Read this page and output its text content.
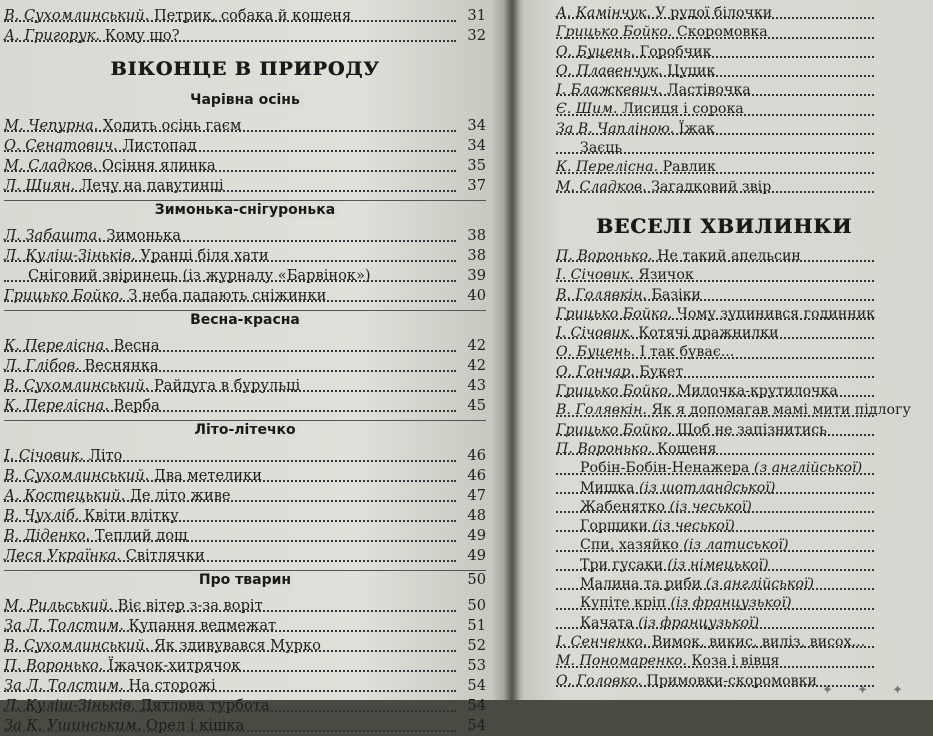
В. Сухомлинський. Петрик, собака й кошеня	31
А. Григорук. Кому що?	32
ВІКОНЦЕ В ПРИРОДУ
Чарівна осінь
М. Чепурна. Ходить осінь гаєм	34
О. Сенатович. Листопад	34
М. Сладков. Осіння ялинка	35
Л. Шиян. Лечу на павутинці	37
Зимонька-снігуронька
Л. Забашта. Зимонька	38
Л. Куліш-Зіньків. Уранці біля хати	38
Сніговий звіринець (із журналу «Барвінок»)	39
Грицько Бойко. З неба падають сніжинки	40
Весна-красна
К. Перелісна. Весна	42
Л. Глібов. Веснянка	42
В. Сухомлинський. Райдуга в бурульці	43
К. Перелісна. Верба	45
Літо-літечко
І. Січовик. Літо	46
В. Сухомлинський. Два метелики	46
А. Костецький. Де літо живе	47
В. Чухліб. Квіти влітку	48
В. Діденко. Теплий дощ	49
Леся Українка. Світлячки	49
Про тварин	50
М. Рильський. Віє вітер з-за воріт	50
За Л. Толстим. Купання ведмежат	51
В. Сухомлинський. Як здивувався Мурко	52
П. Воронько. Їжачок-хитрячок	53
За Л. Толстим. На сторожі	54
Л. Куліш-Зіньків. Дятлова турбота	54
За К. Ушинським. Орел і кішка	54
А. Камінчук. У рудої білочки
Грицько Бойко. Скоромовка
О. Буцень. Горобчик
О. Плавенчук. Цуцик
І. Блажкевич. Ластівочка
Є. Шим. Лисиця і сорока
За В. Чапліною. Їжак
Заєць
К. Перелісна. Равлик
М. Сладков. Загадковий звір
ВЕСЕЛІ ХВИЛИНКИ
П. Воронько. Не такий апельсин
І. Січовик. Язичок
В. Голявкін. Базіки
Грицько Бойко. Чому зупинився годинник
І. Січовик. Котячі дражнилки
О. Буцень. І так буває...
О. Гончар. Букет
Грицько Бойко. Милочка-крутилочка
В. Голявкін. Як я допомагав мамі мити підлогу
Грицько Бойко. Щоб не запізнитись
П. Воронько. Кошеня
Робін-Бобін-Ненажера (з англійської)
Мишка (із шотландської)
Жабенятко (із чеської)
Горщики (із чеської)
Спи, хазяйко (із латиської)
Три гусаки (із німецької)
Малина та риби (з англійської)
Купіте кріп (із французької)
Качата (із французької)
І. Сенченко. Вимок, викис, виліз, висох...
М. Пономаренко. Коза і вівця
О. Головко. Примовки-скоромовки
✦ ✦ ✦
